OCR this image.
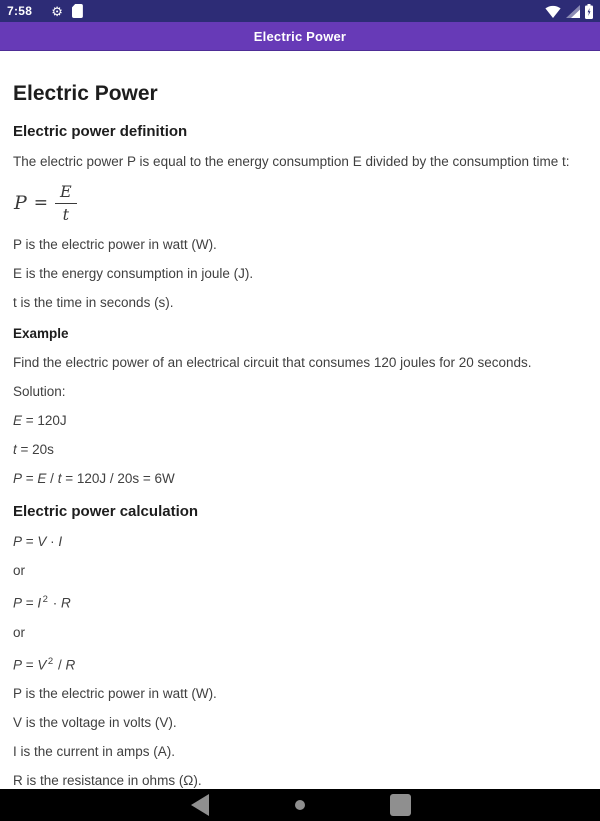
7:58 ⚙
Electric Power
Electric Power
Electric power definition

The electric power P is equal to the energy consumption E divided by the consumption time t:

$P = \frac{E}{t}$

P is the electric power in watt (W).

E is the energy consumption in joule (J).

t is the time in seconds (s).

Example

Find the electric power of an electrical circuit that consumes 120 joules for 20 seconds.

Solution:

E = 120J

t = 20s

P = E / t = 120J / 20s = 6W

Electric power calculation

P = V · I

or

P = I $^2$ · R

or

P = V $^2$ / R

P is the electric power in watt (W).

V is the voltage in volts (V).

I is the current in amps (A).

R is the resistance in ohms (Ω).
